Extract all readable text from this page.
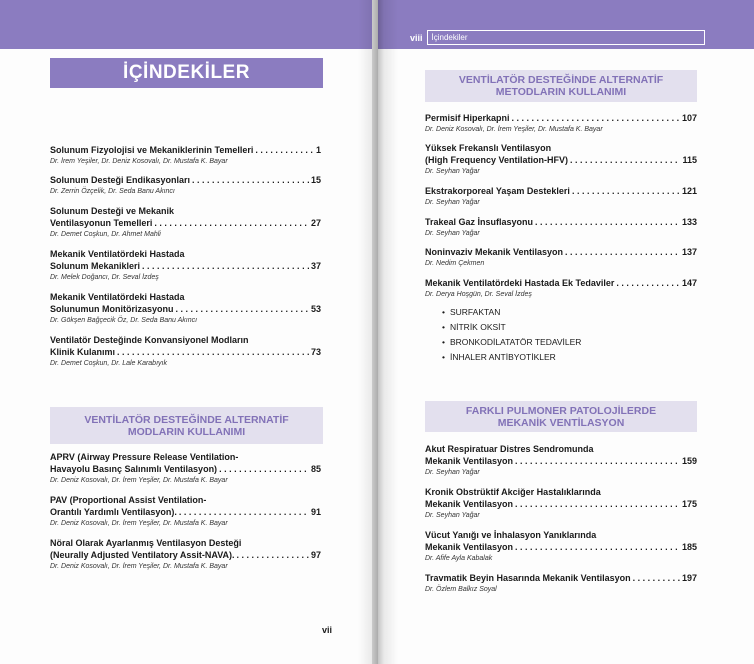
İÇİNDEKİLER
Solunum Fizyolojisi ve Mekaniklerinin Temelleri . . .	1
Dr. İrem Yeşiler, Dr. Deniz Kosovalı, Dr. Mustafa K. Bayar
Solunum Desteği Endikasyonları . . .	15
Dr. Zerrin Özçelik, Dr. Seda Banu Akıncı
Solunum Desteği ve Mekanik
Ventilasyonun Temelleri . . .	27
Dr. Demet Coşkun, Dr. Ahmet Mahli
Mekanik Ventilatördeki Hastada
Solunum Mekanikleri . . .	37
Dr. Melek Doğancı, Dr. Seval İzdeş
Mekanik Ventilatördeki Hastada
Solunumun Monitörizasyonu . . .	53
Dr. Gökşen Bağçecik Öz, Dr. Seda Banu Akıncı
Ventilatör Desteğinde Konvansiyonel Modların
Klinik Kulanımı . . .	73
Dr. Demet Coşkun, Dr. Lale Karabıyık
VENTİLATÖR DESTEĞİNDE ALTERNATİF
MODLARIN KULLANIMI
APRV (Airway Pressure Release Ventilation-
Havayolu Basınç Salınımlı Ventilasyon) . . .	85
Dr. Deniz Kosovalı, Dr. İrem Yeşiler, Dr. Mustafa K. Bayar
PAV (Proportional Assist Ventilation-
Orantılı Yardımlı Ventilasyon). . . .	91
Dr. Deniz Kosovalı, Dr. İrem Yeşiler, Dr. Mustafa K. Bayar
Nöral Olarak Ayarlanmış Ventilasyon Desteği
(Neurally Adjusted Ventilatory Assit-NAVA). . . .	97
Dr. Deniz Kosovalı, Dr. İrem Yeşiler, Dr. Mustafa K. Bayar
vii
viii	İçindekiler
VENTİLATÖR DESTEĞİNDE ALTERNATİF
METODLARIN KULLANIMI
Permisif Hiperkapni . . .	107
Dr. Deniz Kosovalı, Dr. İrem Yeşiler, Dr. Mustafa K. Bayar
Yüksek Frekanslı Ventilasyon
(High Frequency Ventilation-HFV) . . .	115
Dr. Seyhan Yağar
Ekstrakorporeal Yaşam Destekleri . . .	121
Dr. Seyhan Yağar
Trakeal Gaz İnsuflasyonu . . .	133
Dr. Seyhan Yağar
Noninvaziv Mekanik Ventilasyon . . .	137
Dr. Nedim Çekmen
Mekanik Ventilatördeki Hastada Ek Tedaviler . . .	147
Dr. Derya Hoşgün, Dr. Seval İzdeş
FARKLI PULMONER PATOLOJİLERDE
MEKANİK VENTİLASYON
Akut Respiratuar Distres Sendromunda
Mekanik Ventilasyon . . .	159
Dr. Seyhan Yağar
Kronik Obstrüktif Akciğer Hastalıklarında
Mekanik Ventilasyon . . .	175
Dr. Seyhan Yağar
Vücut Yanığı ve İnhalasyon Yanıklarında
Mekanik Ventilasyon . . .	185
Dr. Afife Ayla Kabalak
Travmatik Beyin Hasarında Mekanik Ventilasyon . . .	197
Dr. Özlem Balkız Soyal
• SURFAKTAN
• NİTRİK OKSİT
• BRONKODİLATATÖR TEDAVİLER
• İNHALER ANTİBYOTİKLER
